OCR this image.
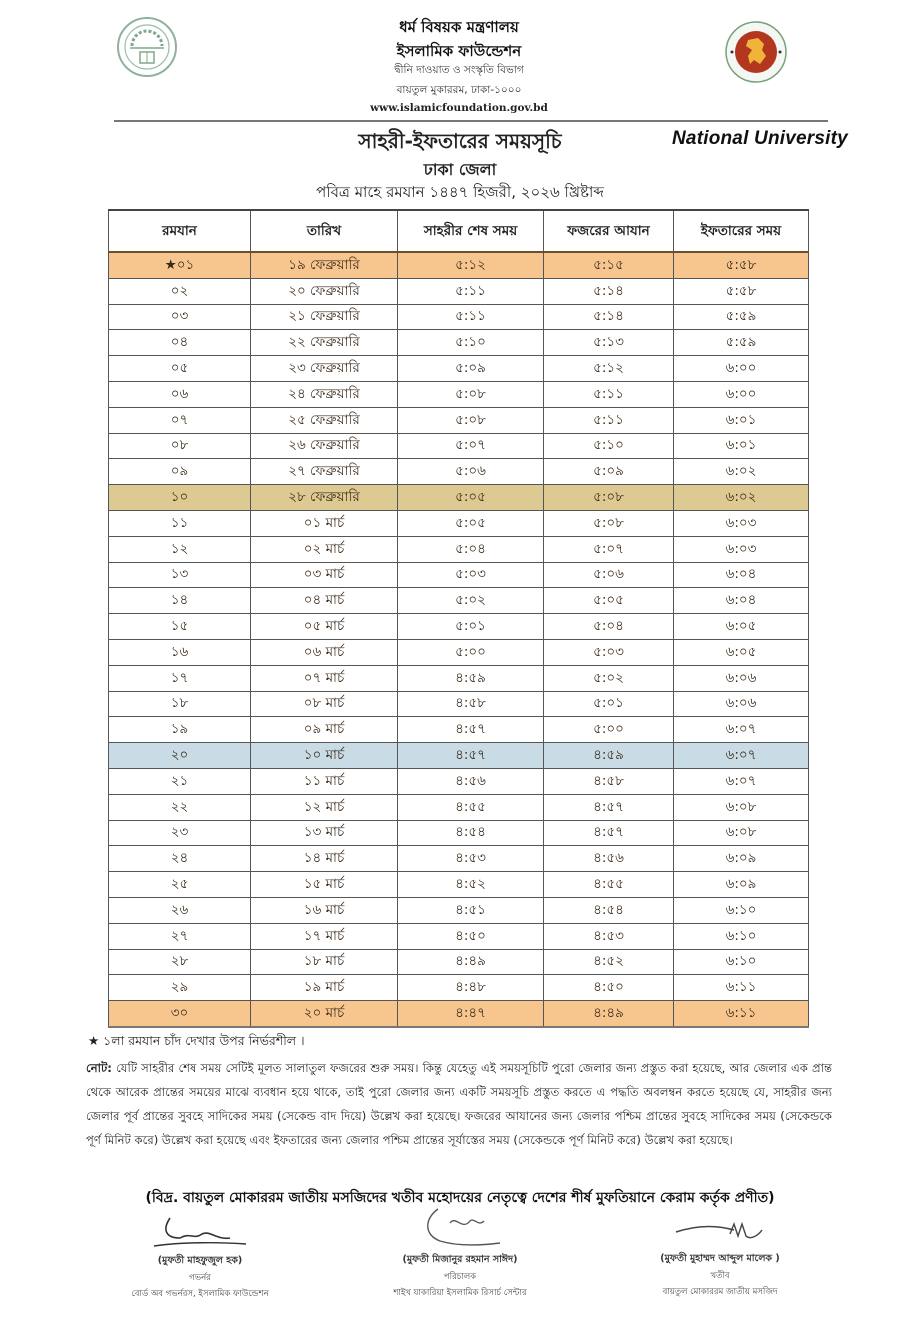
ধর্ম বিষয়ক মন্ত্রণালয়
ইসলামিক ফাউন্ডেশন
দ্বীনি দাওয়াত ও সংস্কৃতি বিভাগ
বায়তুল মুকাররম, ঢাকা-১০০০
www.islamicfoundation.gov.bd
সাহরী-ইফতারের সময়সূচি	National University
ঢাকা জেলা
পবিত্র মাহে রমযান ১৪৪৭ হিজরী, ২০২৬ খ্রিষ্টাব্দ
রমযান	তারিখ	সাহরীর শেষ সময়	ফজরের আযান	ইফতারের সময়
★০১	১৯ ফেব্রুয়ারি	৫:১২	৫:১৫	৫:৫৮
০২	২০ ফেব্রুয়ারি	৫:১১	৫:১৪	৫:৫৮
০৩	২১ ফেব্রুয়ারি	৫:১১	৫:১৪	৫:৫৯
০৪	২২ ফেব্রুয়ারি	৫:১০	৫:১৩	৫:৫৯
০৫	২৩ ফেব্রুয়ারি	৫:০৯	৫:১২	৬:০০
০৬	২৪ ফেব্রুয়ারি	৫:০৮	৫:১১	৬:০০
০৭	২৫ ফেব্রুয়ারি	৫:০৮	৫:১১	৬:০১
০৮	২৬ ফেব্রুয়ারি	৫:০৭	৫:১০	৬:০১
০৯	২৭ ফেব্রুয়ারি	৫:০৬	৫:০৯	৬:০২
১০	২৮ ফেব্রুয়ারি	৫:০৫	৫:০৮	৬:০২
১১	০১ মার্চ	৫:০৫	৫:০৮	৬:০৩
১২	০২ মার্চ	৫:০৪	৫:০৭	৬:০৩
১৩	০৩ মার্চ	৫:০৩	৫:০৬	৬:০৪
১৪	০৪ মার্চ	৫:০২	৫:০৫	৬:০৪
১৫	০৫ মার্চ	৫:০১	৫:০৪	৬:০৫
১৬	০৬ মার্চ	৫:০০	৫:০৩	৬:০৫
১৭	০৭ মার্চ	৪:৫৯	৫:০২	৬:০৬
১৮	০৮ মার্চ	৪:৫৮	৫:০১	৬:০৬
১৯	০৯ মার্চ	৪:৫৭	৫:০০	৬:০৭
২০	১০ মার্চ	৪:৫৭	৪:৫৯	৬:০৭
২১	১১ মার্চ	৪:৫৬	৪:৫৮	৬:০৭
২২	১২ মার্চ	৪:৫৫	৪:৫৭	৬:০৮
২৩	১৩ মার্চ	৪:৫৪	৪:৫৭	৬:০৮
২৪	১৪ মার্চ	৪:৫৩	৪:৫৬	৬:০৯
২৫	১৫ মার্চ	৪:৫২	৪:৫৫	৬:০৯
২৬	১৬ মার্চ	৪:৫১	৪:৫৪	৬:১০
২৭	১৭ মার্চ	৪:৫০	৪:৫৩	৬:১০
২৮	১৮ মার্চ	৪:৪৯	৪:৫২	৬:১০
২৯	১৯ মার্চ	৪:৪৮	৪:৫০	৬:১১
৩০	২০ মার্চ	৪:৪৭	৪:৪৯	৬:১১
★ ১লা রমযান চাঁদ দেখার উপর নির্ভরশীল ।
নোট: যেটি সাহরীর শেষ সময় সেটিই মূলত সালাতুল ফজরের শুরু সময়। কিন্তু যেহেতু এই সময়সূচিটি পুরো জেলার জন্য প্রস্তুত করা হয়েছে, আর জেলার এক প্রান্ত থেকে আরেক প্রান্তের সময়ের মাঝে ব্যবধান হয়ে থাকে, তাই পুরো জেলার জন্য একটি সময়সূচি প্রস্তুত করতে এ পদ্ধতি অবলম্বন করতে হয়েছে যে, সাহরীর জন্য জেলার পূর্ব প্রান্তের সুবহে সাদিকের সময় (সেকেন্ড বাদ দিয়ে) উল্লেখ করা হয়েছে। ফজরের আযানের জন্য জেলার পশ্চিম প্রান্তের সুবহে সাদিকের সময় (সেকেন্ডকে পূর্ণ মিনিট করে) উল্লেখ করা হয়েছে এবং ইফতারের জন্য জেলার পশ্চিম প্রান্তের সূর্যাস্তের সময় (সেকেন্ডকে পূর্ণ মিনিট করে) উল্লেখ করা হয়েছে।
(বিদ্র. বায়তুল মোকাররম জাতীয় মসজিদের খতীব মহোদয়ের নেতৃত্বে দেশের শীর্ষ মুফতিয়ানে কেরাম কর্তৃক প্রণীত)
(মুফতী মাহফুজুল হক)
গভর্নর
বোর্ড অব গভর্নরস, ইসলামিক ফাউন্ডেশন
(মুফতী মিজানুর রহমান সাঈদ)
পরিচালক
শাইখ যাকারিয়া ইসলামিক রিসার্চ সেন্টার
(মুফতী মুহাম্মদ আব্দুল মালেক )
খতীব
বায়তুল মোকাররম জাতীয় মসজিদ
